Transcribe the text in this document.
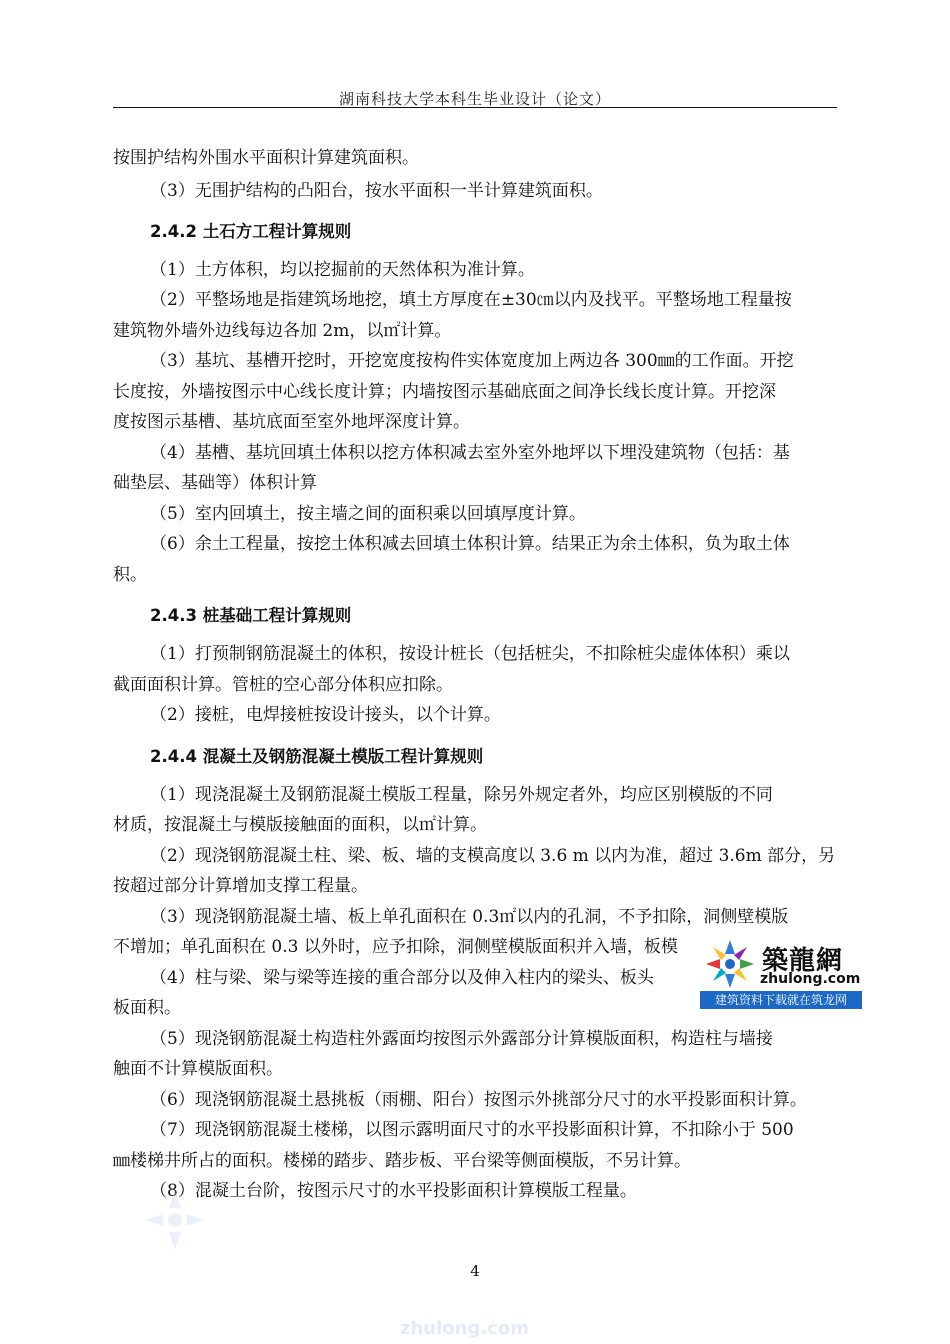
湖南科技大学本科生毕业设计（论文）
按围护结构外围水平面积计算建筑面积。
（3）无围护结构的凸阳台，按水平面积一半计算建筑面积。
2.4.2 土石方工程计算规则
（1）土方体积，均以挖掘前的天然体积为准计算。
（2）平整场地是指建筑场地挖，填土方厚度在±30㎝以内及找平。平整场地工程量按
建筑物外墙外边线每边各加 2m，以㎡计算。
（3）基坑、基槽开挖时，开挖宽度按构件实体宽度加上两边各 300㎜的工作面。开挖
长度按，外墙按图示中心线长度计算；内墙按图示基础底面之间净长线长度计算。开挖深
度按图示基槽、基坑底面至室外地坪深度计算。
（4）基槽、基坑回填土体积以挖方体积减去室外室外地坪以下埋没建筑物（包括：基
础垫层、基础等）体积计算
（5）室内回填土，按主墙之间的面积乘以回填厚度计算。
（6）余土工程量，按挖土体积减去回填土体积计算。结果正为余土体积，负为取土体
积。
2.4.3 桩基础工程计算规则
（1）打预制钢筋混凝土的体积，按设计桩长（包括桩尖，不扣除桩尖虚体体积）乘以
截面面积计算。管桩的空心部分体积应扣除。
（2）接桩，电焊接桩按设计接头，以个计算。
2.4.4 混凝土及钢筋混凝土模版工程计算规则
（1）现浇混凝土及钢筋混凝土模版工程量，除另外规定者外，均应区别模版的不同
材质，按混凝土与模版接触面的面积，以㎡计算。
（2）现浇钢筋混凝土柱、梁、板、墙的支模高度以 3.6 m 以内为准，超过 3.6m 部分，另
按超过部分计算增加支撑工程量。
（3）现浇钢筋混凝土墙、板上单孔面积在 0.3㎡以内的孔洞，不予扣除，洞侧壁模版
不增加；单孔面积在 0.3 以外时，应予扣除，洞侧壁模版面积并入墙，板模
（4）柱与梁、梁与梁等连接的重合部分以及伸入柱内的梁头、板头
板面积。
（5）现浇钢筋混凝土构造柱外露面均按图示外露部分计算模版面积，构造柱与墙接
触面不计算模版面积。
（6）现浇钢筋混凝土悬挑板（雨棚、阳台）按图示外挑部分尺寸的水平投影面积计算。
（7）现浇钢筋混凝土楼梯，以图示露明面尺寸的水平投影面积计算，不扣除小于 500
㎜楼梯井所占的面积。楼梯的踏步、踏步板、平台梁等侧面模版，不另计算。
（8）混凝土台阶，按图示尺寸的水平投影面积计算模版工程量。
築龍網
zhulong.com
建筑资料下载就在筑龙网
4
zhulong.com
